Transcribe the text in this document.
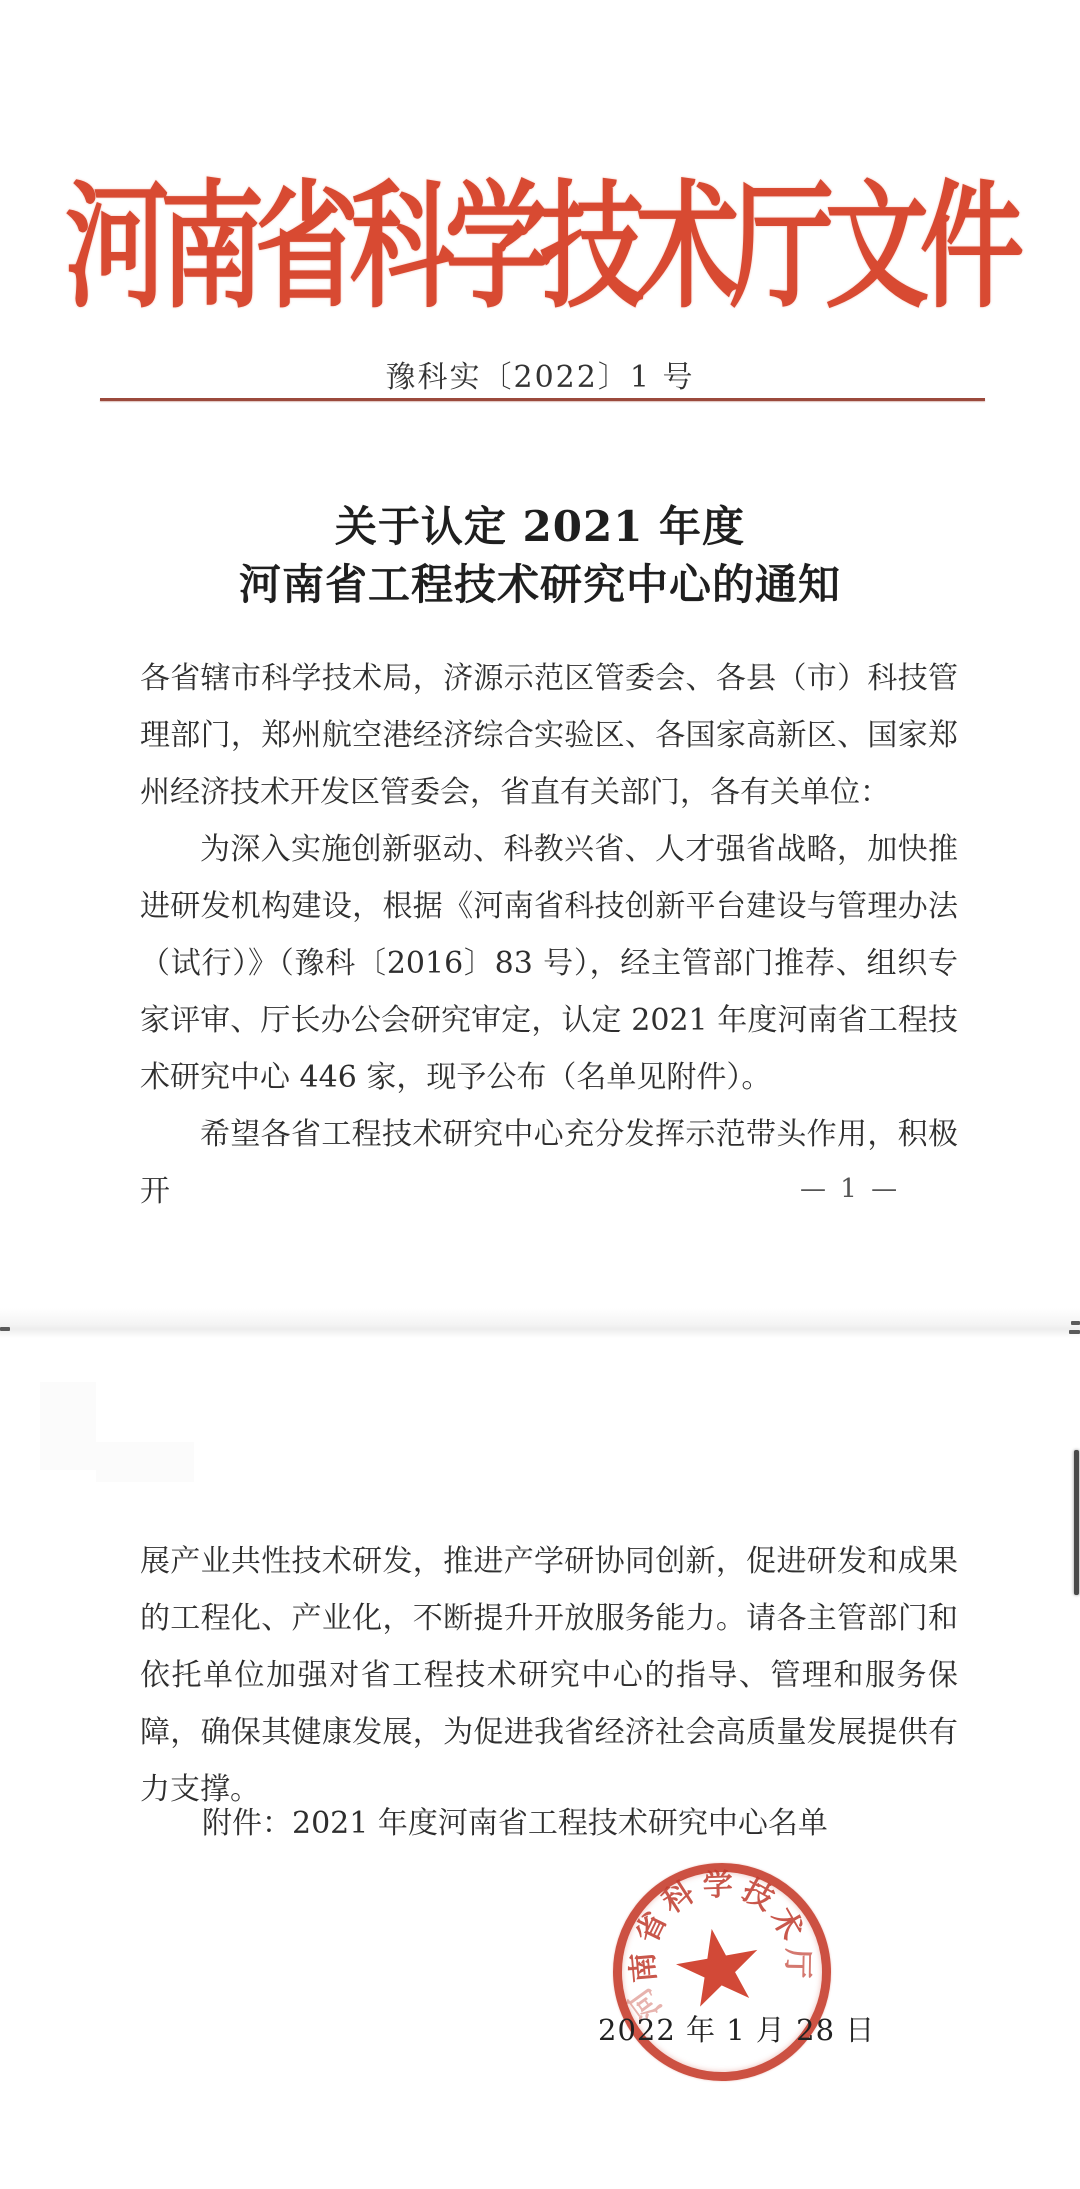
河南省科学技术厅文件
豫科实〔2022〕1 号
关于认定 2021 年度
河南省工程技术研究中心的通知

各省辖市科学技术局，济源示范区管委会、各县（市）科技管理部门，郑州航空港经济综合实验区、各国家高新区、国家郑州经济技术开发区管委会，省直有关部门，各有关单位：

为深入实施创新驱动、科教兴省、人才强省战略，加快推进研发机构建设，根据《河南省科技创新平台建设与管理办法（试行）》（豫科〔2016〕83 号），经主管部门推荐、组织专家评审、厅长办公会研究审定，认定 2021 年度河南省工程技术研究中心 446 家，现予公布（名单见附件）。

希望各省工程技术研究中心充分发挥示范带头作用，积极开	— 1 —

展产业共性技术研发，推进产学研协同创新，促进研发和成果的工程化、产业化，不断提升开放服务能力。请各主管部门和依托单位加强对省工程技术研究中心的指导、管理和服务保障，确保其健康发展，为促进我省经济社会高质量发展提供有力支撑。

附件：2021 年度河南省工程技术研究中心名单
河
南
省
科 学 技
术
厅
2022 年 1 月 28 日
